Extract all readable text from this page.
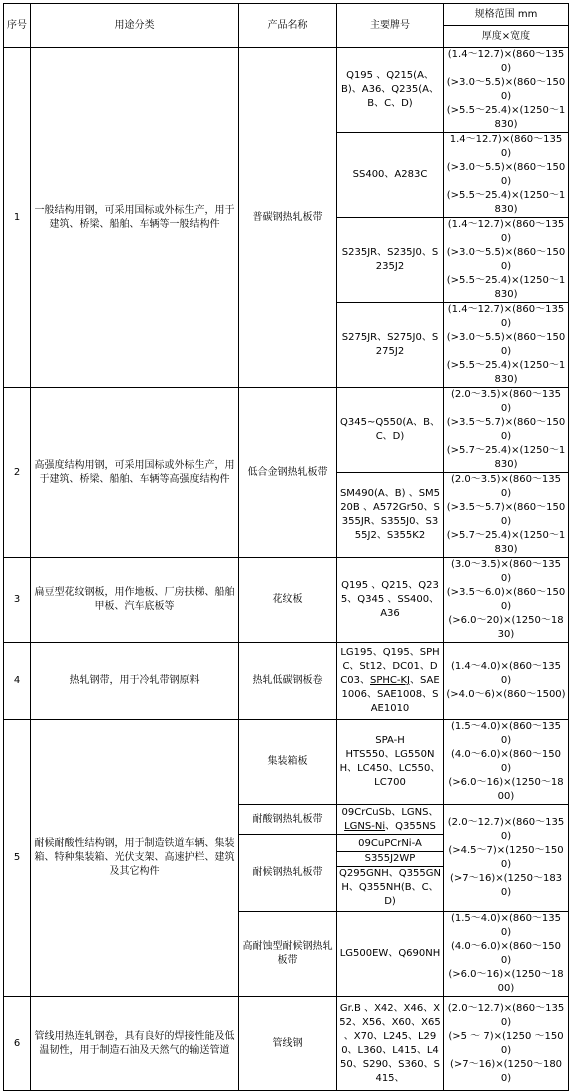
序号	用途分类	产品名称	主要牌号	规格范围 mm
				厚度×宽度
1	一般结构用钢，可采用国标或外标生产，用于建筑、桥梁、船舶、车辆等一般结构件	普碳钢热轧板带	Q195 、Q215(A、B)、A36、Q235(A、B、C、D)	(1.4～12.7)×(860～1350)
(>3.0～5.5)×(860～1500)
(>5.5～25.4)×(1250～1830)
			SS400、A283C	1.4～12.7)×(860～1350)
(>3.0～5.5)×(860～1500)
(>5.5～25.4)×(1250～1830)
			S235JR、S235J0、S235J2	(1.4～12.7)×(860～1350)
(>3.0～5.5)×(860～1500)
(>5.5～25.4)×(1250～1830)
			S275JR、S275J0、S275J2	(1.4～12.7)×(860～1350)
(>3.0～5.5)×(860～1500)
(>5.5～25.4)×(1250～1830)
2	高强度结构用钢，可采用国标或外标生产，用于建筑、桥梁、船舶、车辆等高强度结构件	低合金钢热轧板带	Q345~Q550(A、B、C、D)	(2.0～3.5)×(860～1350)
(>3.5～5.7)×(860～1500)
(>5.7～25.4)×(1250～1830)
			SM490(A、B) 、SM520B 、A572Gr50、S355JR、S355J0、S355J2、S355K2	(2.0～3.5)×(860～1350)
(>3.5～5.7)×(860～1500)
(>5.7～25.4)×(1250～1830)
3	扁豆型花纹钢板，用作地板、厂房扶梯、船舶甲板、汽车底板等	花纹板	Q195 、Q215、Q235、Q345 、SS400、A36	(3.0～3.5)×(860～1350)
(>3.5～6.0)×(860～1500)
(>6.0～20)×(1250～1830)
4	热轧钢带，用于冷轧带钢原料	热轧低碳钢板卷	LG195、Q195、SPHC、St12、DC01、DC03、SPHC-KJ、SAE1006、SAE1008、SAE1010	(1.4～4.0)×(860～1350)
(>4.0～6)×(860～1500)
5	耐候耐酸性结构钢，用于制造铁道车辆、集装箱、特种集装箱、光伏支架、高速护栏、建筑及其它构件	集装箱板	SPA-H
HTS550、LG550NH、LC450、LC550、LC700	(1.5～4.0)×(860～1350)
(4.0～6.0)×(860～1500)
(>6.0～16)×(1250～1800)
		耐酸钢热轧板带	09CrCuSb、LGNS、LGNS-Ni、Q355NS	(2.0～12.7)×(860～1350)
(>4.5～7)×(1250～1500)
(>7～16)×(1250～1830)
		耐候钢热轧板带	09CuPCrNi-A S355J2WP
Q295GNH、Q355GNH、Q355NH(B、C、D)	

		高耐蚀型耐候钢热轧板带	LG500EW、Q690NH	(1.5～4.0)×(860～1350)
(4.0～6.0)×(860～1500)
(>6.0～16)×(1250～1800)
6	管线用热连轧钢卷，具有良好的焊接性能及低温韧性，用于制造石油及天然气的输送管道	管线钢	Gr.B 、X42、X46、X52、X56、X60、X65 、X70、L245、L290、L360、L415、L450、S290、S360、S415、	(2.0～12.7)×(860～1350)
(>5 ～ 7)×(1250 ～1500)
(>7～16)×(1250～1800)
